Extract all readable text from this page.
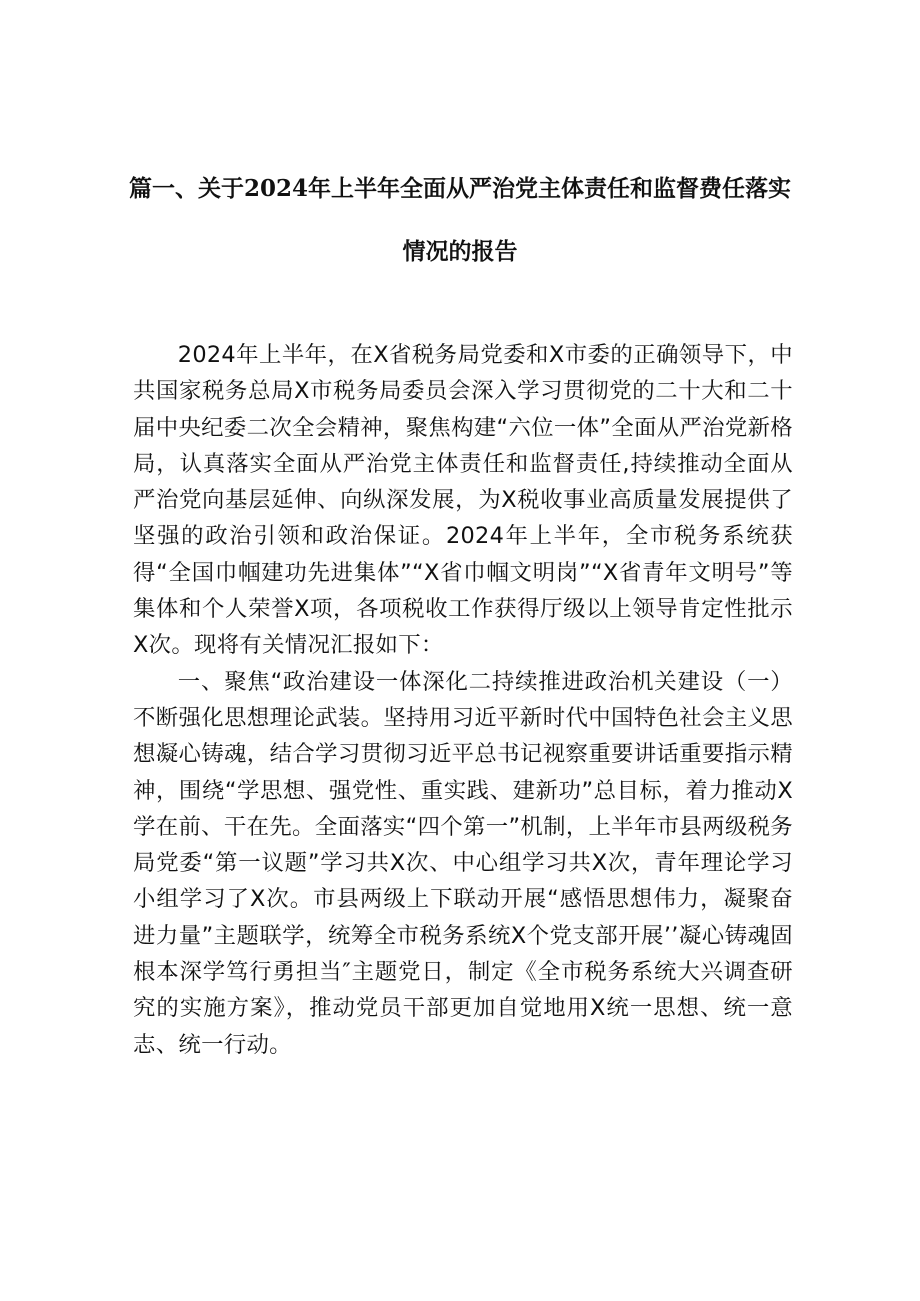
篇一、关于2024年上半年全面从严治党主体责任和监督费任落实
情况的报告

2024年上半年，在X省税务局党委和X市委的正确领导下，中共国家税务总局X市税务局委员会深入学习贯彻党的二十大和二十届中央纪委二次全会精神，聚焦构建“六位一体”全面从严治党新格局，认真落实全面从严治党主体责任和监督责任,持续推动全面从严治党向基层延伸、向纵深发展，为X税收事业高质量发展提供了坚强的政治引领和政治保证。2024年上半年，全市税务系统获得“全国巾帼建功先进集体”“X省巾帼文明岗”“X省青年文明号”等集体和个人荣誉X项，各项税收工作获得厅级以上领导肯定性批示X次。现将有关情况汇报如下：

一、聚焦“政治建设一体深化二持续推进政治机关建设（一）不断强化思想理论武装。坚持用习近平新时代中国特色社会主义思想凝心铸魂，结合学习贯彻习近平总书记视察重要讲话重要指示精神，围绕“学思想、强党性、重实践、建新功”总目标，着力推动X学在前、干在先。全面落实“四个第一”机制，上半年市县两级税务局党委“第一议题”学习共X次、中心组学习共X次，青年理论学习小组学习了X次。市县两级上下联动开展“感悟思想伟力，凝聚奋进力量”主题联学，统筹全市税务系统X个党支部开展’’凝心铸魂固根本深学笃行勇担当″主题党日，制定《全市税务系统大兴调查研究的实施方案》，推动党员干部更加自觉地用X统一思想、统一意志、统一行动。
